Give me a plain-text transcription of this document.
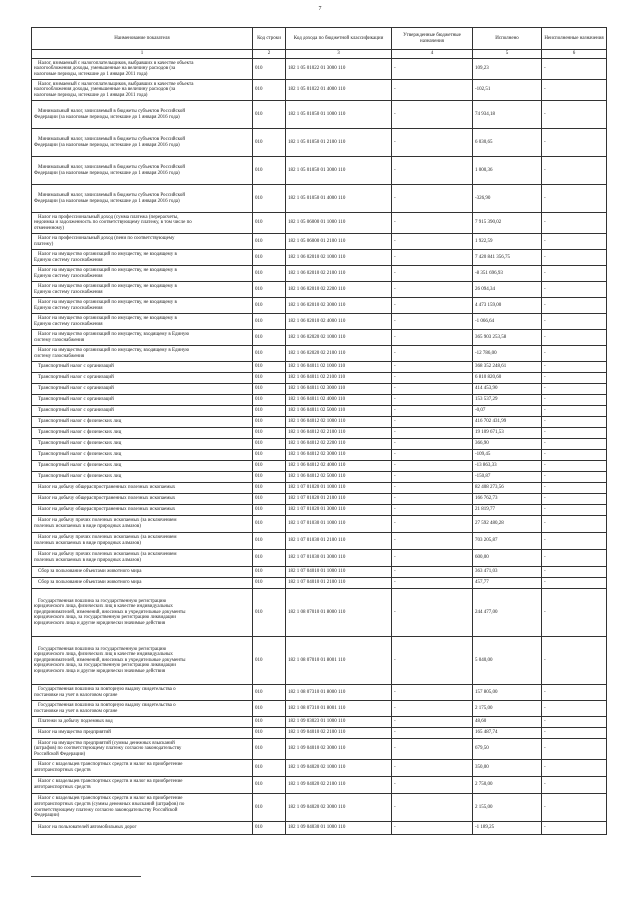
7
Наименование показателя	Код строки	Код дохода по бюджетной классификации	Утвержденные бюджетные назначения	Исполнено	Неисполненные назначения
1	2	3	4	5	6
Налог, взимаемый с налогоплательщиков, выбравших в качестве объекта
налогообложения доходы, уменьшенные на величину расходов (за
налоговые периоды, истекшие до 1 января 2011 года)	010	182 1 05 01022 01 3000 110	-	109,23	-
Налог, взимаемый с налогоплательщиков, выбравших в качестве объекта
налогообложения доходы, уменьшенные на величину расходов (за
налоговые периоды, истекшие до 1 января 2011 года)	010	182 1 05 01022 01 4000 110	-	-102,51	-
Минимальный налог, зачисляемый в бюджеты субъектов Российской
Федерации (за налоговые периоды, истекшие до 1 января 2016 года)	010	182 1 05 01050 01 1000 110	-	74 934,18	-
Минимальный налог, зачисляемый в бюджеты субъектов Российской
Федерации (за налоговые периоды, истекшие до 1 января 2016 года)	010	182 1 05 01050 01 2100 110	-	6 030,65	-
Минимальный налог, зачисляемый в бюджеты субъектов Российской
Федерации (за налоговые периоды, истекшие до 1 января 2016 года)	010	182 1 05 01050 01 3000 110	-	1 000,36	-
Минимальный налог, зачисляемый в бюджеты субъектов Российской
Федерации (за налоговые периоды, истекшие до 1 января 2016 года)	010	182 1 05 01050 01 4000 110	-	-326,90	-
Налог на профессиональный доход (сумма платежа (перерасчеты,
недоимка и задолженность по соответствующему платежу, в том числе по
отмененному)	010	182 1 05 06000 01 1000 110	-	7 915 390,02	-
Налог на профессиональный доход (пени по соответствующему
платежу)	010	182 1 05 06000 01 2100 110	-	1 922,59	-
Налог на имущество организаций по имуществу, не входящему в
Единую систему газоснабжения	010	182 1 06 02010 02 1000 110	-	7 420 841 356,75	-
Налог на имущество организаций по имуществу, не входящему в
Единую систему газоснабжения	010	182 1 06 02010 02 2100 110	-	-8 351 696,93	-
Налог на имущество организаций по имуществу, не входящему в
Единую систему газоснабжения	010	182 1 06 02010 02 2200 110	-	26 094,34	-
Налог на имущество организаций по имуществу, не входящему в
Единую систему газоснабжения	010	182 1 06 02010 02 3000 110	-	4 473 159,00	-
Налог на имущество организаций по имуществу, не входящему в
Единую систему газоснабжения	010	182 1 06 02010 02 4000 110	-	-1 066,64	-
Налог на имущество организаций по имуществу, входящему в Единую
систему газоснабжения	010	182 1 06 02020 02 1000 110	-	365 903 253,58	-
Налог на имущество организаций по имуществу, входящему в Единую
систему газоснабжения	010	182 1 06 02020 02 2100 110	-	-12 786,00	-
Транспортный налог с организаций	010	182 1 06 04011 02 1000 110	-	368 352 248,61	-
Транспортный налог с организаций	010	182 1 06 04011 02 2100 110	-	6 810 820,60	-
Транспортный налог с организаций	010	182 1 06 04011 02 3000 110	-	414 453,90	-
Транспортный налог с организаций	010	182 1 06 04011 02 4000 110	-	153 537,29	-
Транспортный налог с организаций	010	182 1 06 04011 02 5000 110	-	-0,07	-
Транспортный налог с физических лиц	010	182 1 06 04012 02 1000 110	-	416 702 431,99	-
Транспортный налог с физических лиц	010	182 1 06 04012 02 2100 110	-	19 109 671,53	-
Транспортный налог с физических лиц	010	182 1 06 04012 02 2200 110	-	366,90	-
Транспортный налог с физических лиц	010	182 1 06 04012 02 3000 110	-	-109,45	-
Транспортный налог с физических лиц	010	182 1 06 04012 02 4000 110	-	-13 863,33	-
Транспортный налог с физических лиц	010	182 1 06 04012 02 5000 110	-	-150,87	-
Налог на добычу общераспространенных полезных ископаемых	010	182 1 07 01020 01 1000 110	-	82 408 273,56	-
Налог на добычу общераспространенных полезных ископаемых	010	182 1 07 01020 01 2100 110	-	166 762,73	-
Налог на добычу общераспространенных полезных ископаемых	010	182 1 07 01020 01 3000 110	-	21 819,77	-
Налог на добычу прочих полезных ископаемых (за исключением
полезных ископаемых в виде природных алмазов)	010	182 1 07 01030 01 1000 110	-	27 592 480,28	-
Налог на добычу прочих полезных ископаемых (за исключением
полезных ископаемых в виде природных алмазов)	010	182 1 07 01030 01 2100 110	-	703 205,87	-
Налог на добычу прочих полезных ископаемых (за исключением
полезных ископаемых в виде природных алмазов)	010	182 1 07 01030 01 3000 110	-	600,00	-
Сбор за пользование объектами животного мира	010	182 1 07 04010 01 1000 110	-	363 471,03	-
Сбор за пользование объектами животного мира	010	182 1 07 04010 01 2100 110	-	457,77	-
Государственная пошлина за государственную регистрацию
юридического лица, физических лиц в качестве индивидуальных
предпринимателей, изменений, вносимых в учредительные документы
юридического лица, за государственную регистрацию ликвидации
юридического лица и другие юридически значимые действия	010	182 1 08 07010 01 8000 110	-	244 477,00	-
Государственная пошлина за государственную регистрацию
юридического лица, физических лиц в качестве индивидуальных
предпринимателей, изменений, вносимых в учредительные документы
юридического лица, за государственную регистрацию ликвидации
юридического лица и другие юридически значимые действия	010	182 1 08 07010 01 8001 110	-	5 040,00	-
Государственная пошлина за повторную выдачу свидетельства о
постановке на учет в налоговом органе	010	182 1 08 07310 01 8000 110	-	157 805,00	-
Государственная пошлина за повторную выдачу свидетельства о
постановке на учет в налоговом органе	010	182 1 08 07310 01 8001 110	-	2 175,00	-
Платежи за добычу подземных вод	010	182 1 09 03023 01 1000 110	-	48,60	-
Налог на имущество предприятий	010	182 1 09 04010 02 2100 110	-	165 487,74	-
Налог на имущество предприятий (суммы денежных взысканий
(штрафов) по соответствующему платежу согласно законодательству
Российской Федерации)	010	182 1 09 04010 02 3000 110	-	679,50	-
Налог с владельцев транспортных средств и налог на приобретение
автотранспортных средств	010	182 1 09 04020 02 1000 110	-	350,00	-
Налог с владельцев транспортных средств и налог на приобретение
автотранспортных средств	010	182 1 09 04020 02 2100 110	-	2 750,00	-
Налог с владельцев транспортных средств и налог на приобретение
автотранспортных средств (суммы денежных взысканий (штрафов) по
соответствующему платежу согласно законодательству Российской
Федерации)	010	182 1 09 04020 02 3000 110	-	2 155,00	-
Налог на пользователей автомобильных дорог	010	182 1 09 04030 01 1000 110	-	-1 189,25	-
